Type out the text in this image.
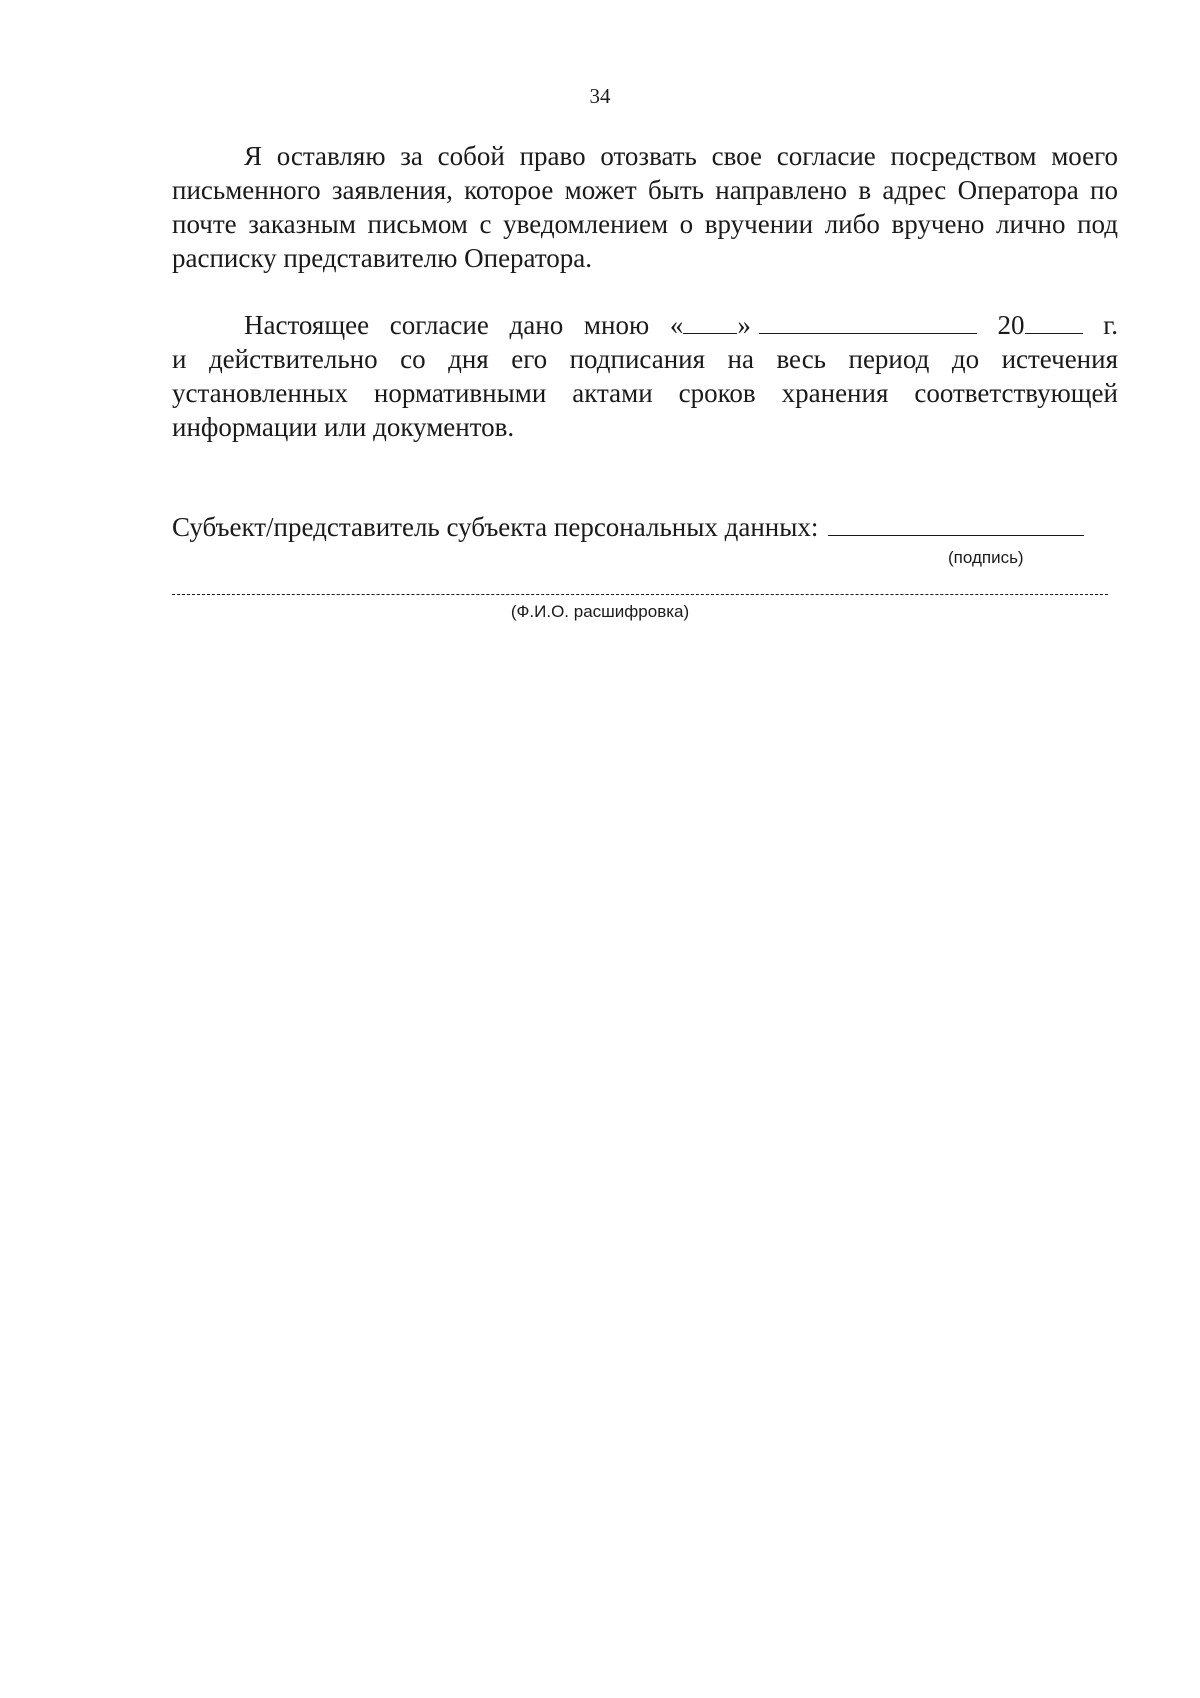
34

Я оставляю за собой право отозвать свое согласие посредством моего письменного заявления, которое может быть направлено в адрес Оператора по почте заказным письмом с уведомлением о вручении либо вручено лично под расписку представителю Оператора.

Настоящее согласие дано мною « »	20	г.

и действительно со дня его подписания на весь период до истечения установленных нормативными актами сроков хранения соответствующей информации или документов.

Субъект/представитель субъекта персональных данных:
(подпись)
(Ф.И.О. расшифровка)
